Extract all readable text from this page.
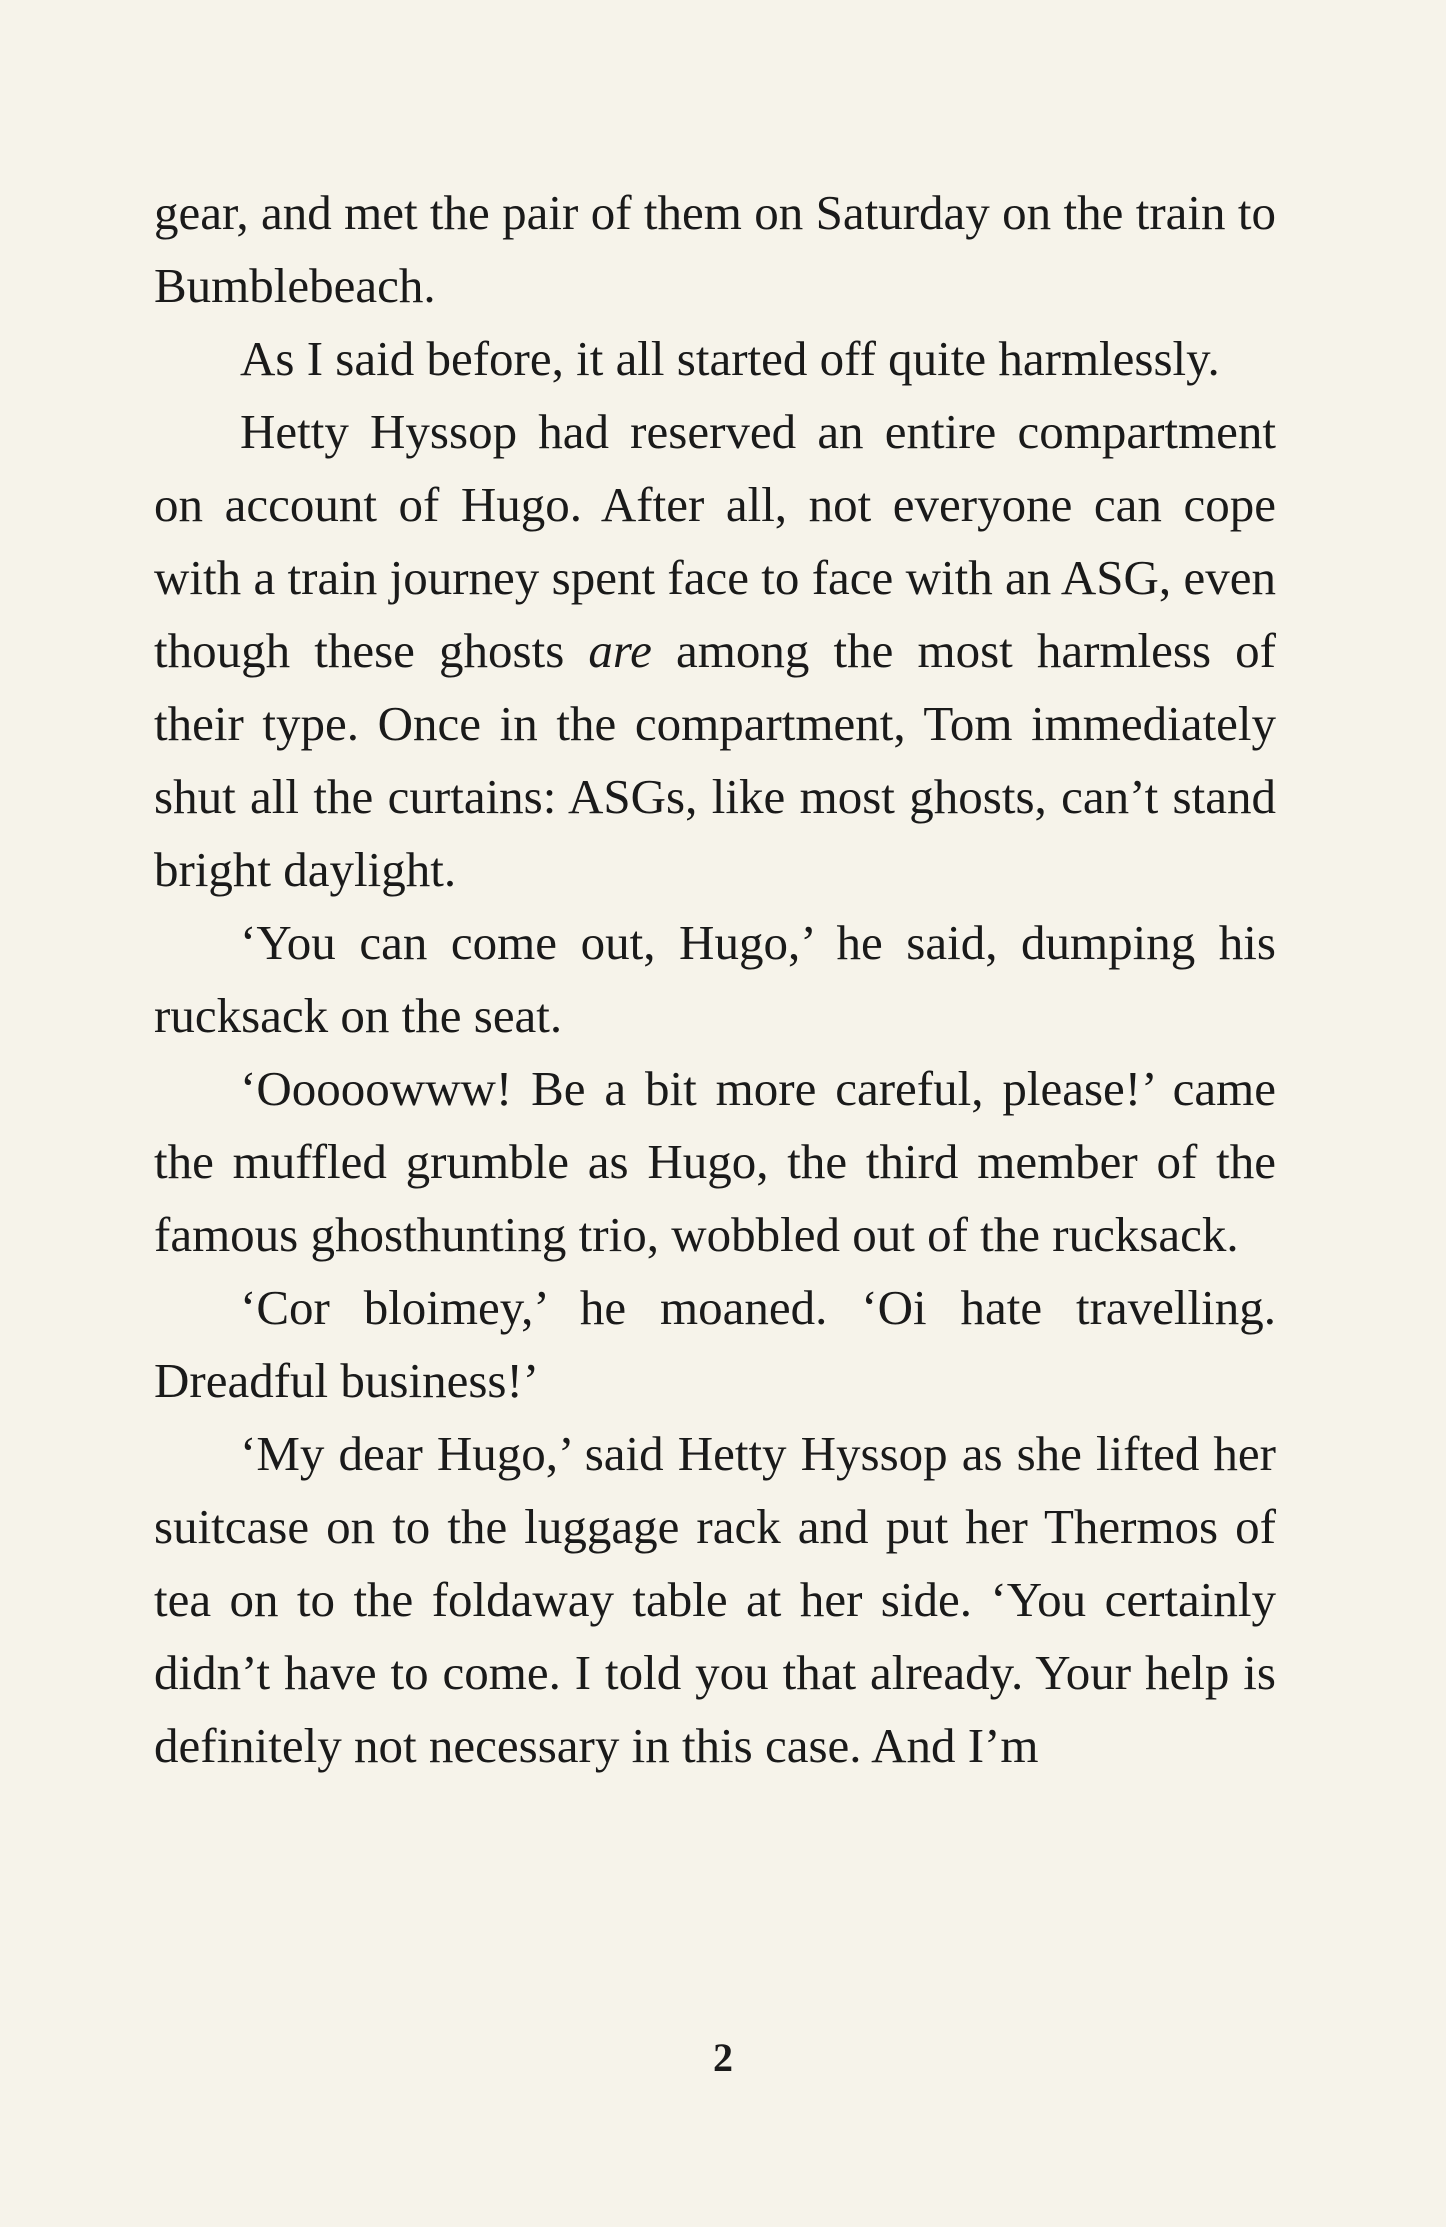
gear, and met the pair of them on Saturday on the train to Bumblebeach.

As I said before, it all started off quite harmlessly.

Hetty Hyssop had reserved an entire compartment on account of Hugo. After all, not everyone can cope with a train journey spent face to face with an ASG, even though these ghosts are among the most harmless of their type. Once in the compartment, Tom immediately shut all the curtains: ASGs, like most ghosts, can’t stand bright daylight.

‘You can come out, Hugo,’ he said, dumping his rucksack on the seat.

‘Ooooowww! Be a bit more careful, please!’ came the muffled grumble as Hugo, the third member of the famous ghosthunting trio, wobbled out of the rucksack.

‘Cor bloimey,’ he moaned. ‘Oi hate travelling. Dreadful business!’

‘My dear Hugo,’ said Hetty Hyssop as she lifted her suitcase on to the luggage rack and put her Thermos of tea on to the foldaway table at her side. ‘You certainly didn’t have to come. I told you that already. Your help is definitely not necessary in this case. And I’m

2
